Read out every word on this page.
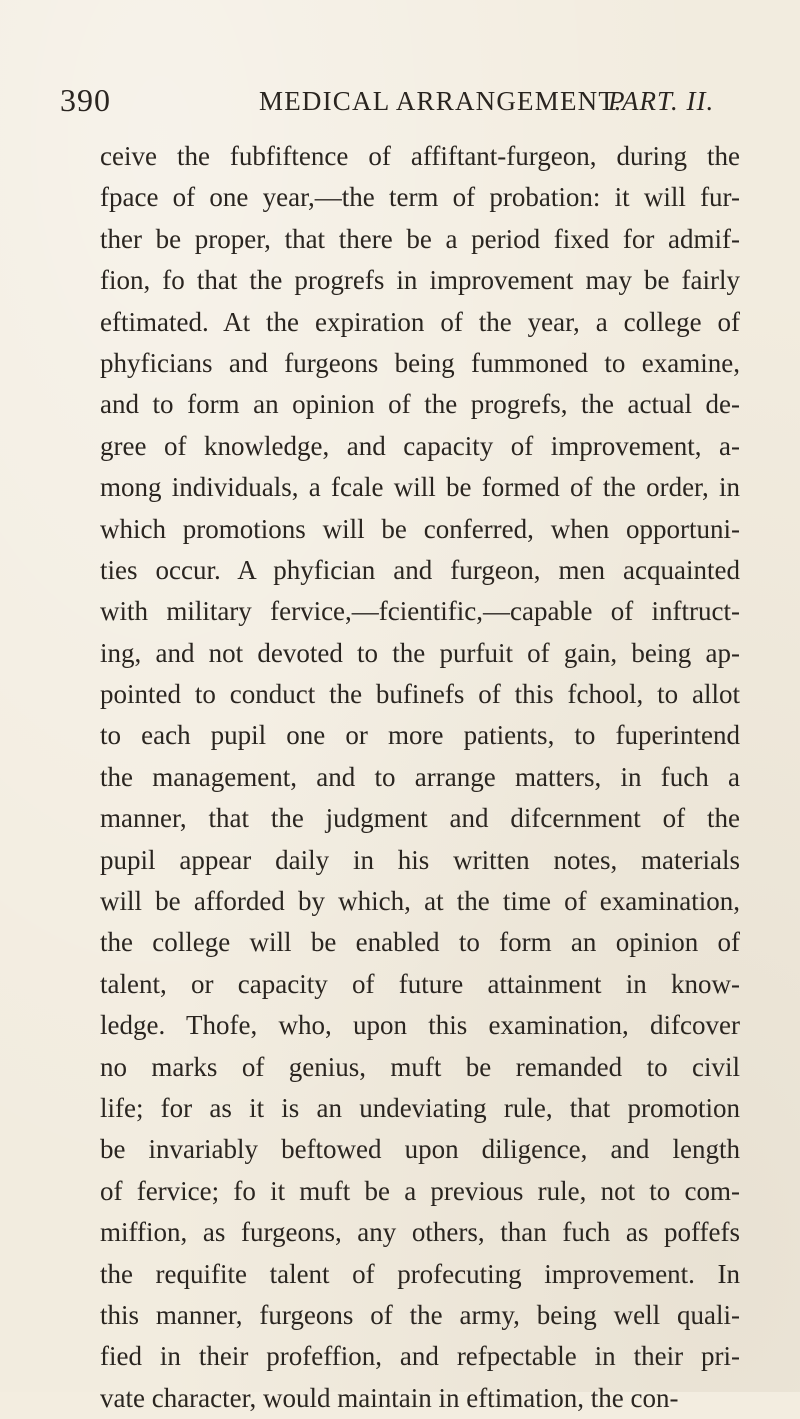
390	MEDICAL ARRANGEMENT.
PART. II.
ceive the fubfiftence of affiftant-furgeon, during the
fpace of one year,—the term of probation: it will fur-
ther be proper, that there be a period fixed for admif-
fion, fo that the progrefs in improvement may be fairly
eftimated. At the expiration of the year, a college of
phyficians and furgeons being fummoned to examine,
and to form an opinion of the progrefs, the actual de-
gree of knowledge, and capacity of improvement, a-
mong individuals, a fcale will be formed of the order, in
which promotions will be conferred, when opportuni-
ties occur. A phyfician and furgeon, men acquainted
with military fervice,—fcientific,—capable of inftruct-
ing, and not devoted to the purfuit of gain, being ap-
pointed to conduct the bufinefs of this fchool, to allot
to each pupil one or more patients, to fuperintend
the management, and to arrange matters, in fuch a
manner, that the judgment and difcernment of the
pupil appear daily in his written notes, materials
will be afforded by which, at the time of examination,
the college will be enabled to form an opinion of
talent, or capacity of future attainment in know-
ledge. Thofe, who, upon this examination, difcover
no marks of genius, muft be remanded to civil
life; for as it is an undeviating rule, that promotion
be invariably beftowed upon diligence, and length
of fervice; fo it muft be a previous rule, not to com-
miffion, as furgeons, any others, than fuch as poffefs
the requifite talent of profecuting improvement. In
this manner, furgeons of the army, being well quali-
fied in their profeffion, and refpectable in their pri-
vate character, would maintain in eftimation, the con-
